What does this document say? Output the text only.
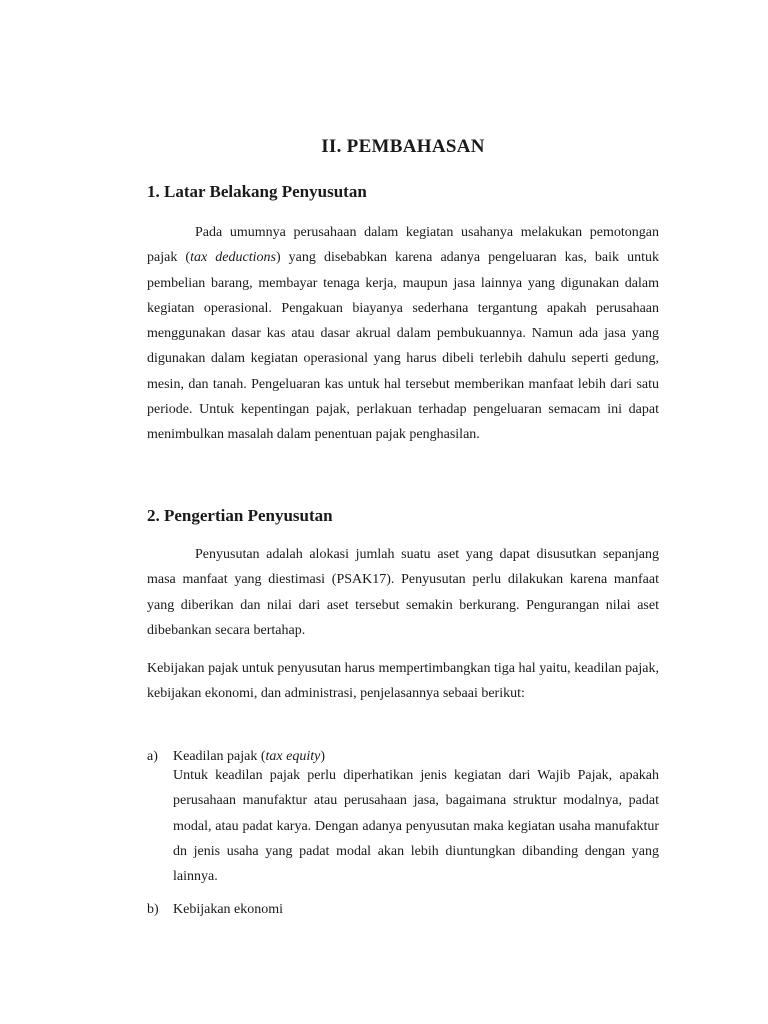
II. PEMBAHASAN
1. Latar Belakang Penyusutan

Pada umumnya perusahaan dalam kegiatan usahanya melakukan pemotongan pajak (tax deductions) yang disebabkan karena adanya pengeluaran kas, baik untuk pembelian barang, membayar tenaga kerja, maupun jasa lainnya yang digunakan dalam kegiatan operasional. Pengakuan biayanya sederhana tergantung apakah perusahaan menggunakan dasar kas atau dasar akrual dalam pembukuannya. Namun ada jasa yang digunakan dalam kegiatan operasional yang harus dibeli terlebih dahulu seperti gedung, mesin, dan tanah. Pengeluaran kas untuk hal tersebut memberikan manfaat lebih dari satu periode. Untuk kepentingan pajak, perlakuan terhadap pengeluaran semacam ini dapat menimbulkan masalah dalam penentuan pajak penghasilan.

2. Pengertian Penyusutan

Penyusutan adalah alokasi jumlah suatu aset yang dapat disusutkan sepanjang masa manfaat yang diestimasi (PSAK17). Penyusutan perlu dilakukan karena manfaat yang diberikan dan nilai dari aset tersebut semakin berkurang. Pengurangan nilai aset dibebankan secara bertahap.

Kebijakan pajak untuk penyusutan harus mempertimbangkan tiga hal yaitu, keadilan pajak, kebijakan ekonomi, dan administrasi, penjelasannya sebaai berikut:

a) Keadilan pajak (tax equity)

Untuk keadilan pajak perlu diperhatikan jenis kegiatan dari Wajib Pajak, apakah perusahaan manufaktur atau perusahaan jasa, bagaimana struktur modalnya, padat modal, atau padat karya. Dengan adanya penyusutan maka kegiatan usaha manufaktur dn jenis usaha yang padat modal akan lebih diuntungkan dibanding dengan yang lainnya.

b) Kebijakan ekonomi
